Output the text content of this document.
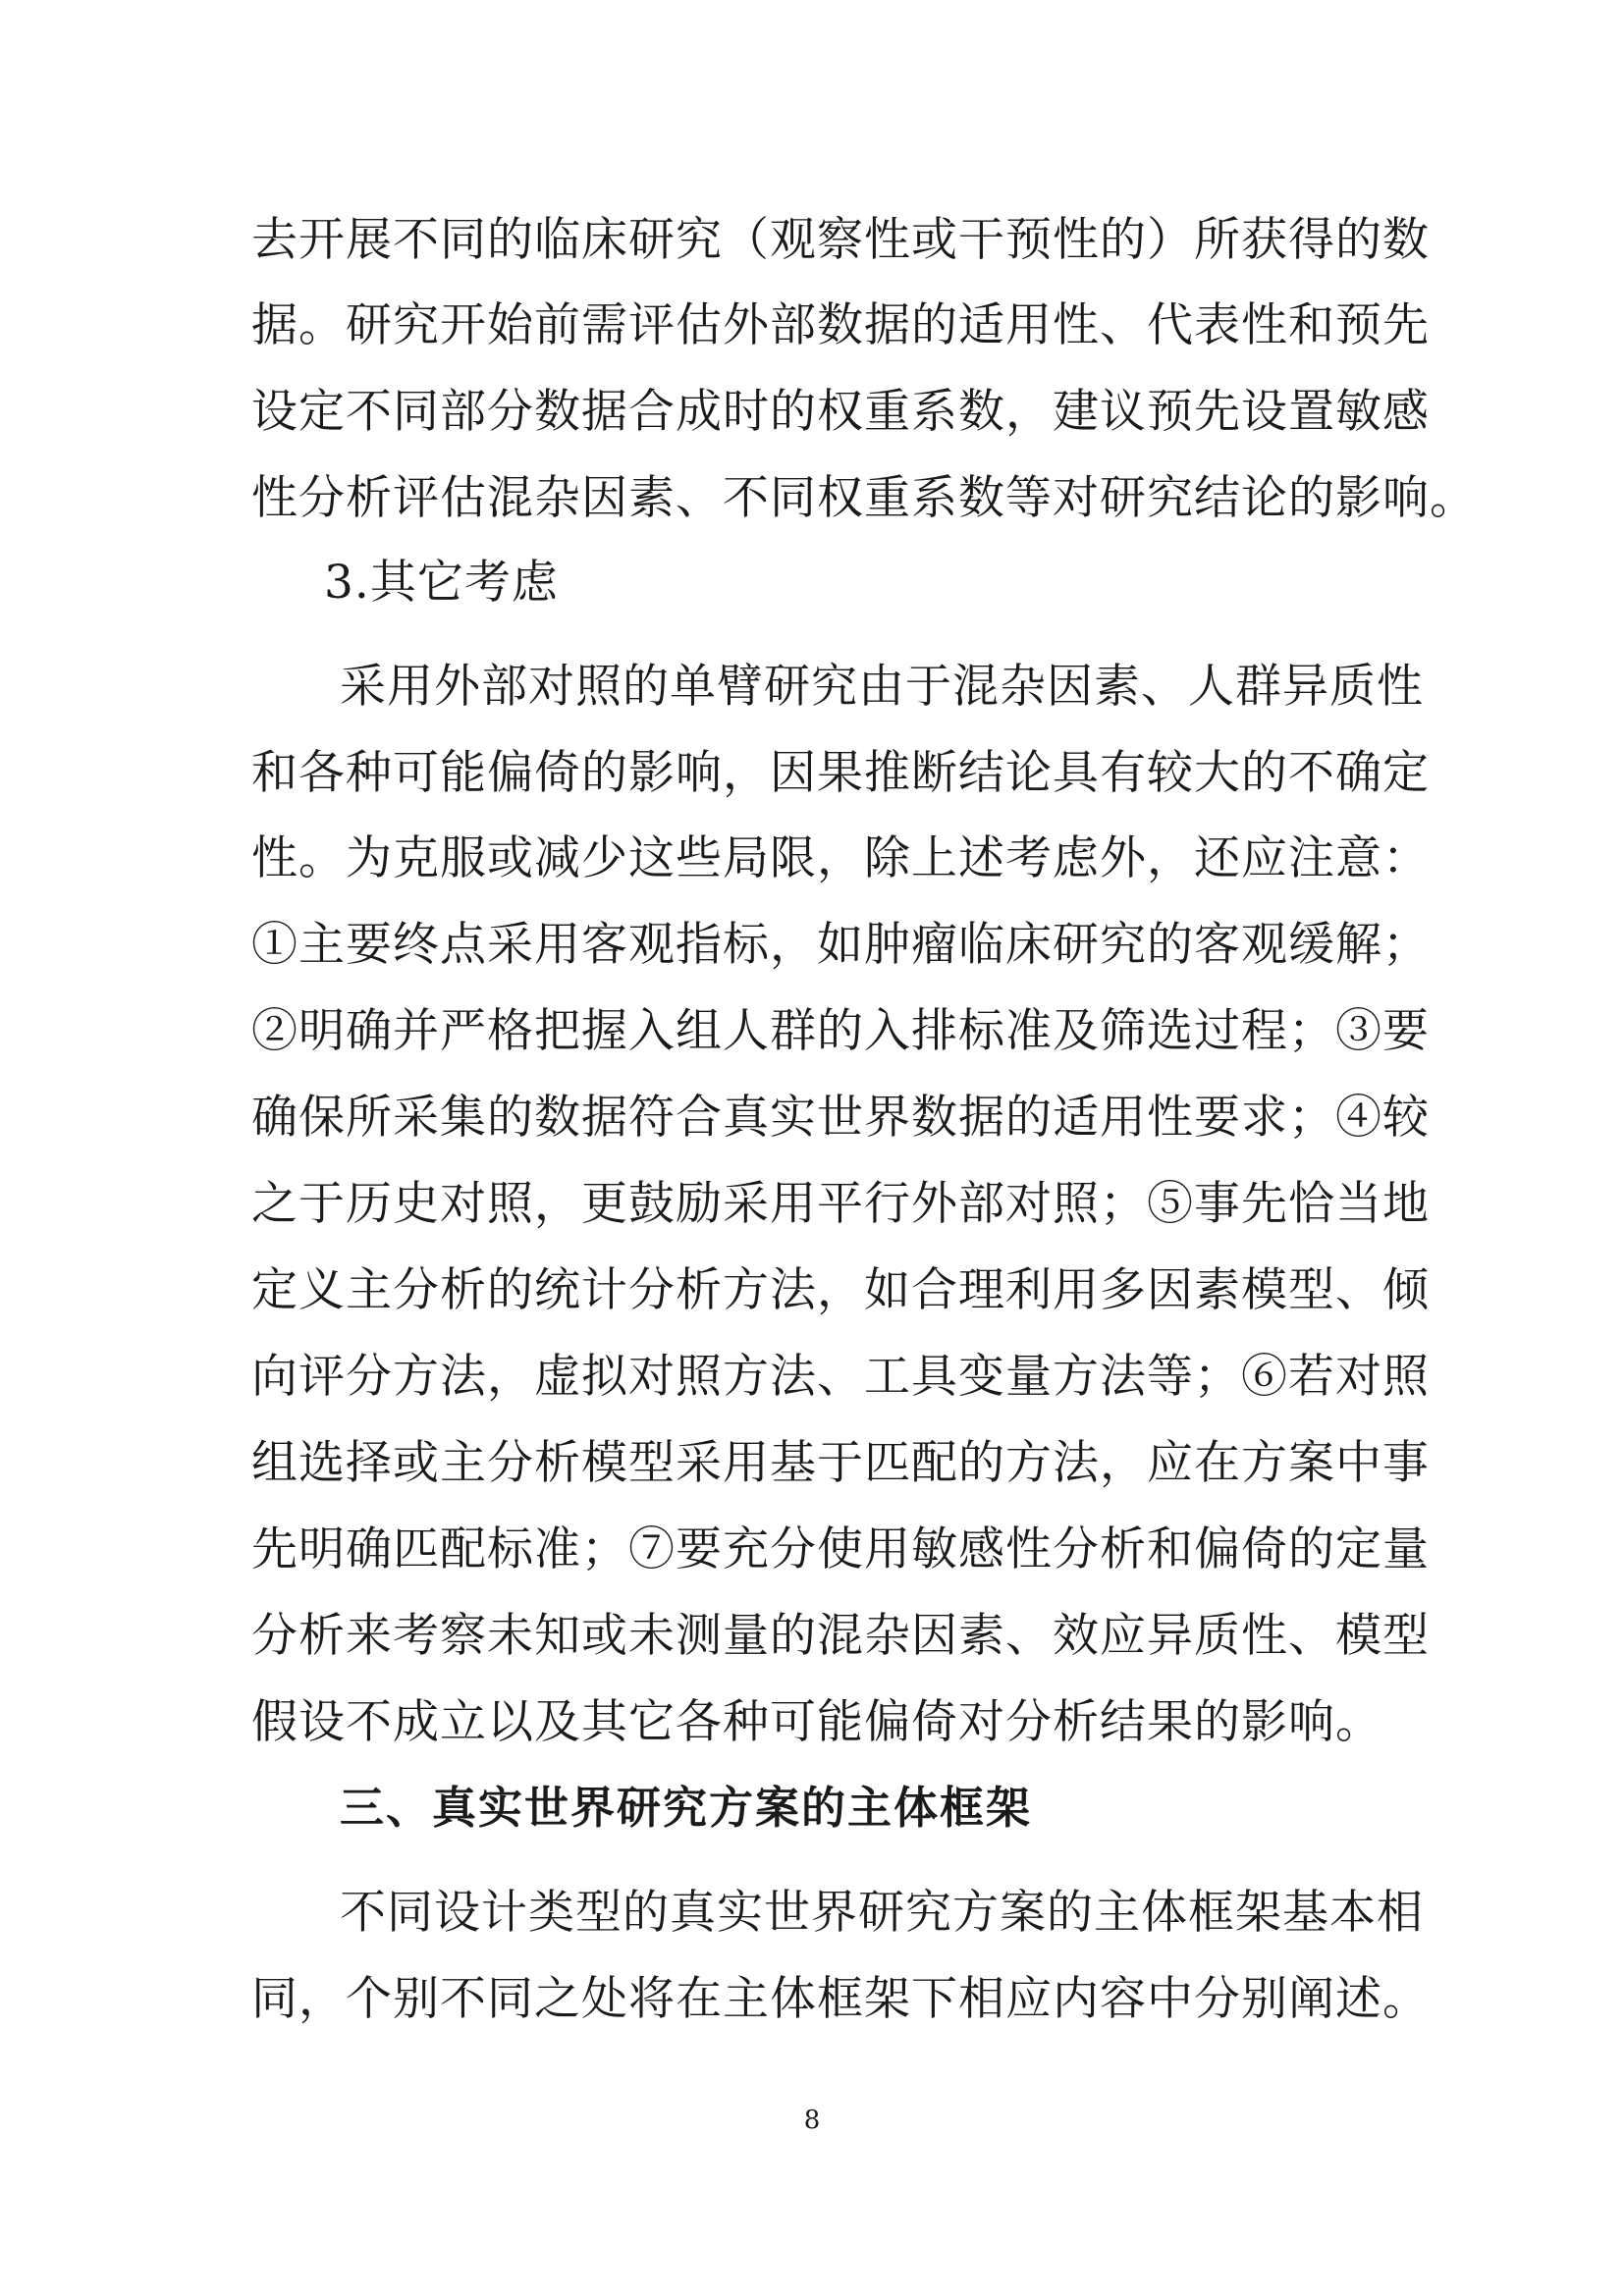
去开展不同的临床研究（观察性或干预性的）所获得的数
据。研究开始前需评估外部数据的适用性、代表性和预先
设定不同部分数据合成时的权重系数，建议预先设置敏感
性分析评估混杂因素、不同权重系数等对研究结论的影响。
3.其它考虑
采用外部对照的单臂研究由于混杂因素、人群异质性
和各种可能偏倚的影响，因果推断结论具有较大的不确定
性。为克服或减少这些局限，除上述考虑外，还应注意：
①主要终点采用客观指标，如肿瘤临床研究的客观缓解；
②明确并严格把握入组人群的入排标准及筛选过程；③要
确保所采集的数据符合真实世界数据的适用性要求；④较
之于历史对照，更鼓励采用平行外部对照；⑤事先恰当地
定义主分析的统计分析方法，如合理利用多因素模型、倾
向评分方法，虚拟对照方法、工具变量方法等；⑥若对照
组选择或主分析模型采用基于匹配的方法，应在方案中事
先明确匹配标准；⑦要充分使用敏感性分析和偏倚的定量
分析来考察未知或未测量的混杂因素、效应异质性、模型
假设不成立以及其它各种可能偏倚对分析结果的影响。
三、真实世界研究方案的主体框架
不同设计类型的真实世界研究方案的主体框架基本相
同，个别不同之处将在主体框架下相应内容中分别阐述。
8
